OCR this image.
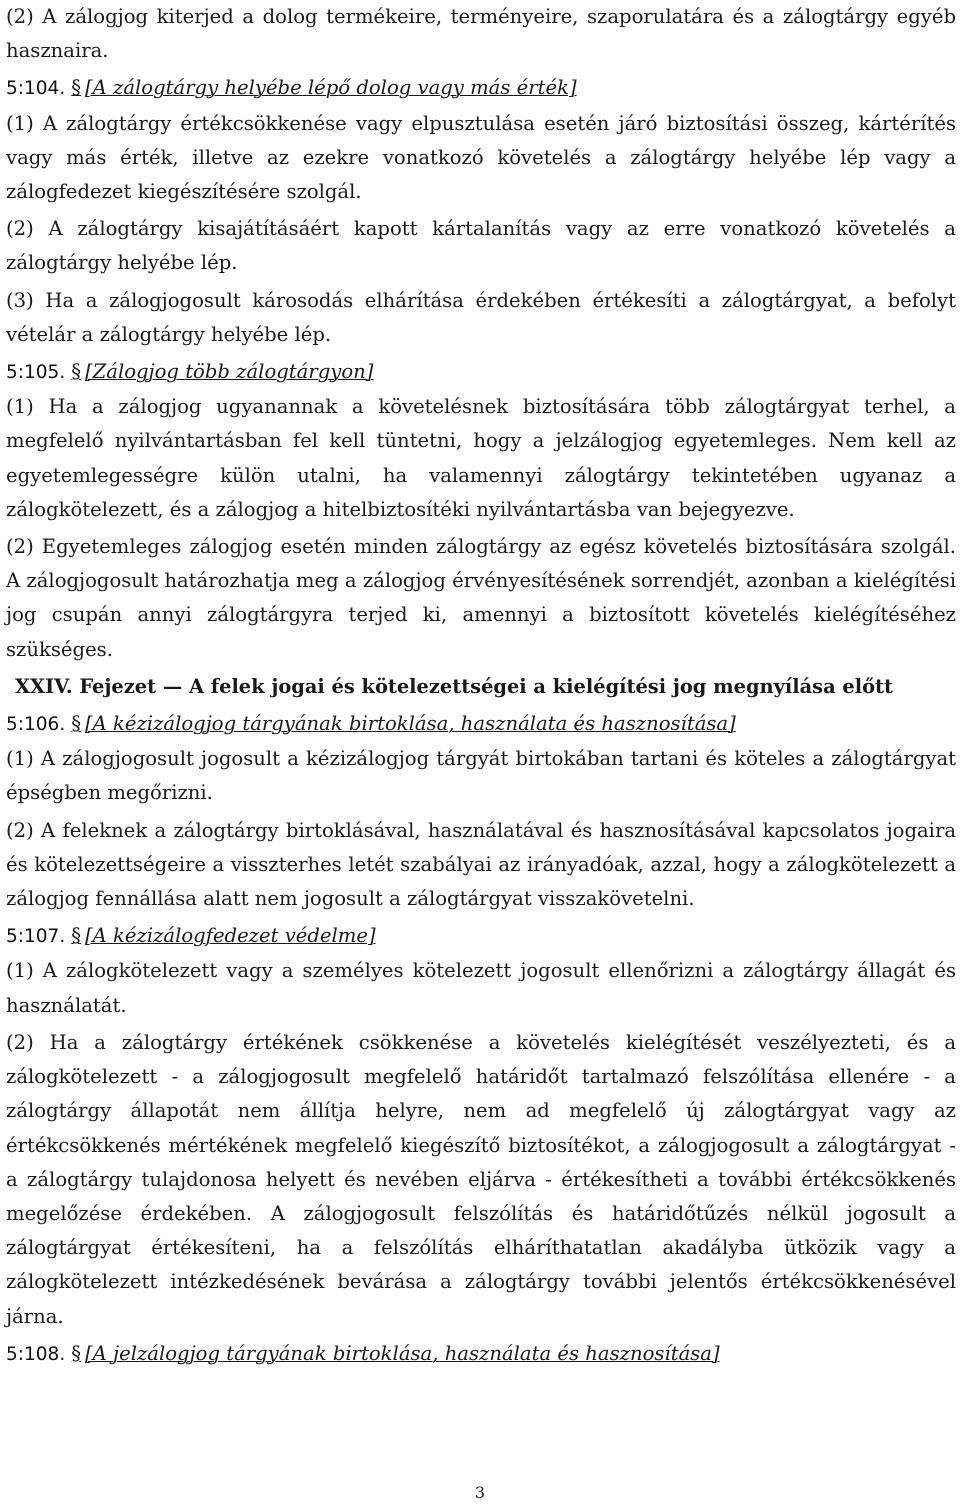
(2) A zálogjog kiterjed a dolog termékeire, terményeire, szaporulatára és a zálogtárgy egyéb hasznaira.

5:104. § [A zálogtárgy helyébe lépő dolog vagy más érték]

(1) A zálogtárgy értékcsökkenése vagy elpusztulása esetén járó biztosítási összeg, kártérítés vagy más érték, illetve az ezekre vonatkozó követelés a zálogtárgy helyébe lép vagy a zálogfedezet kiegészítésére szolgál.

(2) A zálogtárgy kisajátításáért kapott kártalanítás vagy az erre vonatkozó követelés a zálogtárgy helyébe lép.

(3) Ha a zálogjogosult károsodás elhárítása érdekében értékesíti a zálogtárgyat, a befolyt vételár a zálogtárgy helyébe lép.

5:105. § [Zálogjog több zálogtárgyon]

(1) Ha a zálogjog ugyanannak a követelésnek biztosítására több zálogtárgyat terhel, a megfelelő nyilvántartásban fel kell tüntetni, hogy a jelzálogjog egyetemleges. Nem kell az egyetemlegességre külön utalni, ha valamennyi zálogtárgy tekintetében ugyanaz a zálogkötelezett, és a zálogjog a hitelbiztosítéki nyilvántartásba van bejegyezve.

(2) Egyetemleges zálogjog esetén minden zálogtárgy az egész követelés biztosítására szolgál. A zálogjogosult határozhatja meg a zálogjog érvényesítésének sorrendjét, azonban a kielégítési jog csupán annyi zálogtárgyra terjed ki, amennyi a biztosított követelés kielégítéséhez szükséges.

XXIV. Fejezet — A felek jogai és kötelezettségei a kielégítési jog megnyílása előtt

5:106. § [A kézizálogjog tárgyának birtoklása, használata és hasznosítása]

(1) A zálogjogosult jogosult a kézizálogjog tárgyát birtokában tartani és köteles a zálogtárgyat épségben megőrizni.

(2) A feleknek a zálogtárgy birtoklásával, használatával és hasznosításával kapcsolatos jogaira és kötelezettségeire a visszterhes letét szabályai az irányadóak, azzal, hogy a zálogkötelezett a zálogjog fennállása alatt nem jogosult a zálogtárgyat visszakövetelni.

5:107. § [A kézizálogfedezet védelme]

(1) A zálogkötelezett vagy a személyes kötelezett jogosult ellenőrizni a zálogtárgy állagát és használatát.

(2) Ha a zálogtárgy értékének csökkenése a követelés kielégítését veszélyezteti, és a zálogkötelezett - a zálogjogosult megfelelő határidőt tartalmazó felszólítása ellenére - a zálogtárgy állapotát nem állítja helyre, nem ad megfelelő új zálogtárgyat vagy az értékcsökkenés mértékének megfelelő kiegészítő biztosítékot, a zálogjogosult a zálogtárgyat - a zálogtárgy tulajdonosa helyett és nevében eljárva - értékesítheti a további értékcsökkenés megelőzése érdekében. A zálogjogosult felszólítás és határidőtűzés nélkül jogosult a zálogtárgyat értékesíteni, ha a felszólítás elháríthatatlan akadályba ütközik vagy a zálogkötelezett intézkedésének bevárása a zálogtárgy további jelentős értékcsökkenésével járna.

5:108. § [A jelzálogjog tárgyának birtoklása, használata és hasznosítása]

3
